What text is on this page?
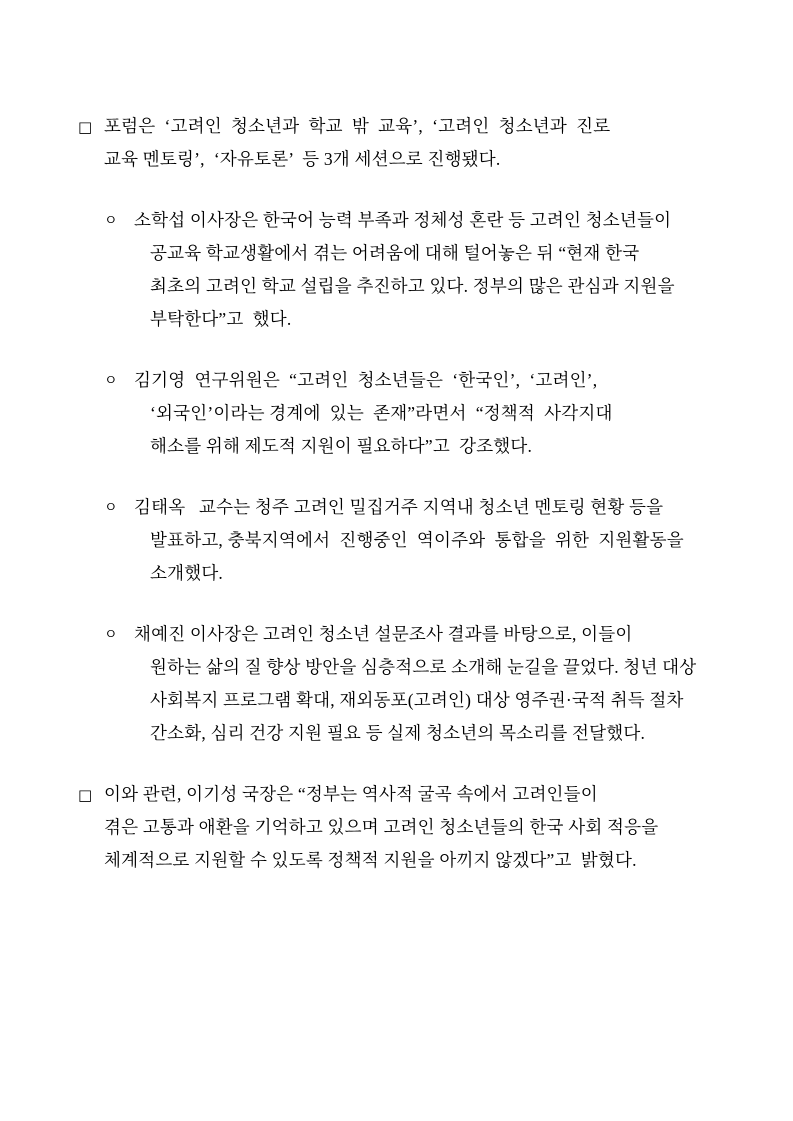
□ 포럼은  ‘고려인  청소년과  학교  밖  교육’,  ‘고려인  청소년과  진로
교육 멘토링’,  ‘자유토론’  등 3개 세션으로 진행됐다.
ㅇ 소학섭 이사장은 한국어 능력 부족과 정체성 혼란 등 고려인 청소년들이
공교육 학교생활에서 겪는 어려움에 대해 털어놓은 뒤 “현재 한국
최초의 고려인 학교 설립을 추진하고 있다. 정부의 많은 관심과 지원을
부탁한다”고  했다.
ㅇ 김기영  연구위원은  “고려인  청소년들은  ‘한국인’,  ‘고려인’,
‘외국인’이라는 경계에  있는  존재”라면서  “정책적  사각지대
해소를 위해 제도적 지원이 필요하다”고  강조했다.
ㅇ 김태옥   교수는 청주 고려인 밀집거주 지역내 청소년 멘토링 현황 등을
발표하고, 충북지역에서  진행중인  역이주와  통합을  위한  지원활동을
소개했다.
ㅇ 채예진 이사장은 고려인 청소년 설문조사 결과를 바탕으로, 이들이
원하는 삶의 질 향상 방안을 심층적으로 소개해 눈길을 끌었다. 청년 대상
사회복지 프로그램 확대, 재외동포(고려인) 대상 영주권·국적 취득 절차
간소화, 심리 건강 지원 필요 등 실제 청소년의 목소리를 전달했다.
□ 이와 관련, 이기성 국장은 “정부는 역사적 굴곡 속에서 고려인들이
겪은 고통과 애환을 기억하고 있으며 고려인 청소년들의 한국 사회 적응을
체계적으로 지원할 수 있도록 정책적 지원을 아끼지 않겠다”고  밝혔다.
